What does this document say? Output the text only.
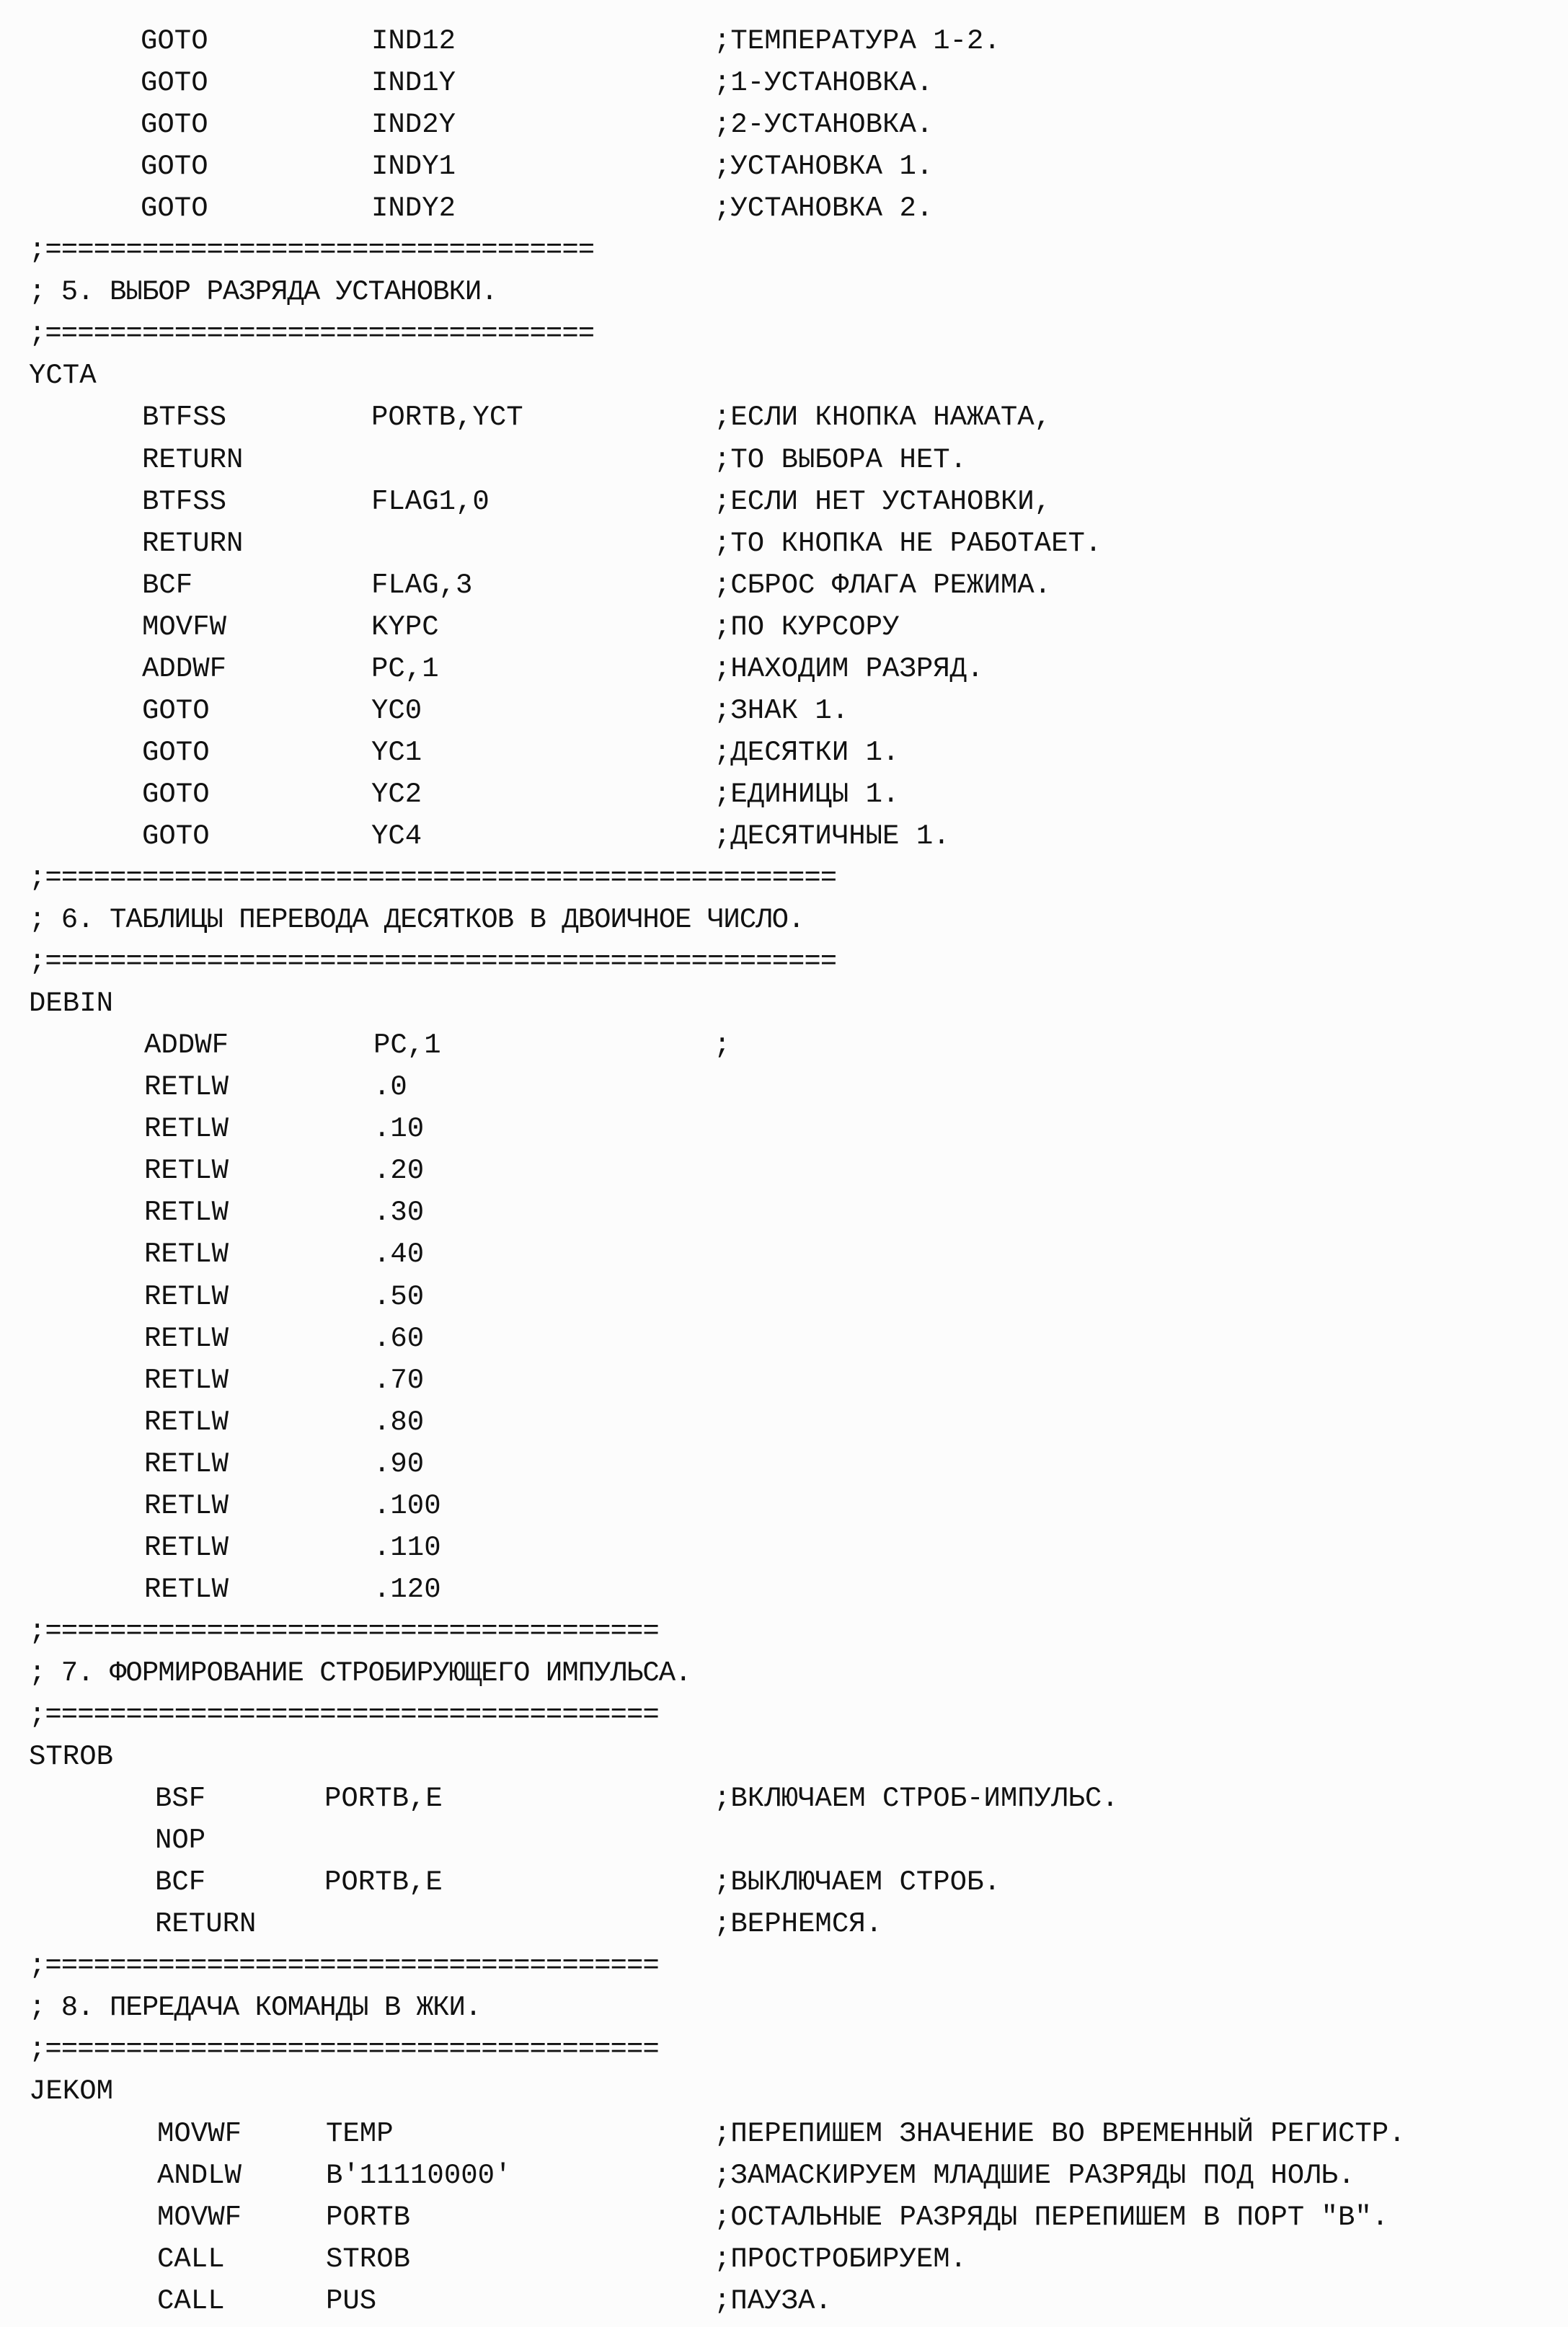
GOTO	IND12	;ТЕМПЕРАТУРА 1-2.
GOTO	IND1Y	;1-УСТАНОВКА.
GOTO	IND2Y	;2-УСТАНОВКА.
GOTO	INDY1	;УСТАНОВКА 1.
GOTO	INDY2	;УСТАНОВКА 2.
;==================================
; 5. ВЫБОР РАЗРЯДА УСТАНОВКИ.
;==================================
YCTA
BTFSS	PORTB,YCT	;ЕСЛИ КНОПКА НАЖАТА,
RETURN	;ТО ВЫБОРА НЕТ.
BTFSS	FLAG1,0	;ЕСЛИ НЕТ УСТАНОВКИ,
RETURN	;ТО КНОПКА НЕ РАБОТАЕТ.
BCF	FLAG,3	;СБРОС ФЛАГА РЕЖИМА.
MOVFW	KYPC	;ПО КУРСОРУ
ADDWF	PC,1	;НАХОДИМ РАЗРЯД.
GOTO	YC0	;ЗНАК 1.
GOTO	YC1	;ДЕСЯТКИ 1.
GOTO	YC2	;ЕДИНИЦЫ 1.
GOTO	YC4	;ДЕСЯТИЧНЫЕ 1.
;=================================================
; 6. ТАБЛИЦЫ ПЕРЕВОДА ДЕСЯТКОВ В ДВОИЧНОЕ ЧИСЛО.
;=================================================
DEBIN
ADDWF	PC,1	;
RETLW	.0
RETLW	.10
RETLW	.20
RETLW	.30
RETLW	.40
RETLW	.50
RETLW	.60
RETLW	.70
RETLW	.80
RETLW	.90
RETLW	.100
RETLW	.110
RETLW	.120
;======================================
; 7. ФОРМИРОВАНИЕ СТРОБИРУЮЩЕГО ИМПУЛЬСА.
;======================================
STROB
BSF	PORTB,E	;ВКЛЮЧАЕМ СТРОБ-ИМПУЛЬС.
NOP
BCF	PORTB,E	;ВЫКЛЮЧАЕМ СТРОБ.
RETURN	;ВЕРНЕМСЯ.
;======================================
; 8. ПЕРЕДАЧА КОМАНДЫ В ЖКИ.
;======================================
JEKOM
MOVWF	TEMP	;ПЕРЕПИШЕМ ЗНАЧЕНИЕ ВО ВРЕМЕННЫЙ РЕГИСТР.
ANDLW	B'11110000'	;ЗАМАСКИРУЕМ МЛАДШИЕ РАЗРЯДЫ ПОД НОЛЬ.
MOVWF	PORTB	;ОСТАЛЬНЫЕ РАЗРЯДЫ ПЕРЕПИШЕМ В ПОРТ "B".
CALL	STROB	;ПРОСТРОБИРУЕМ.
CALL	PUS	;ПАУЗА.
